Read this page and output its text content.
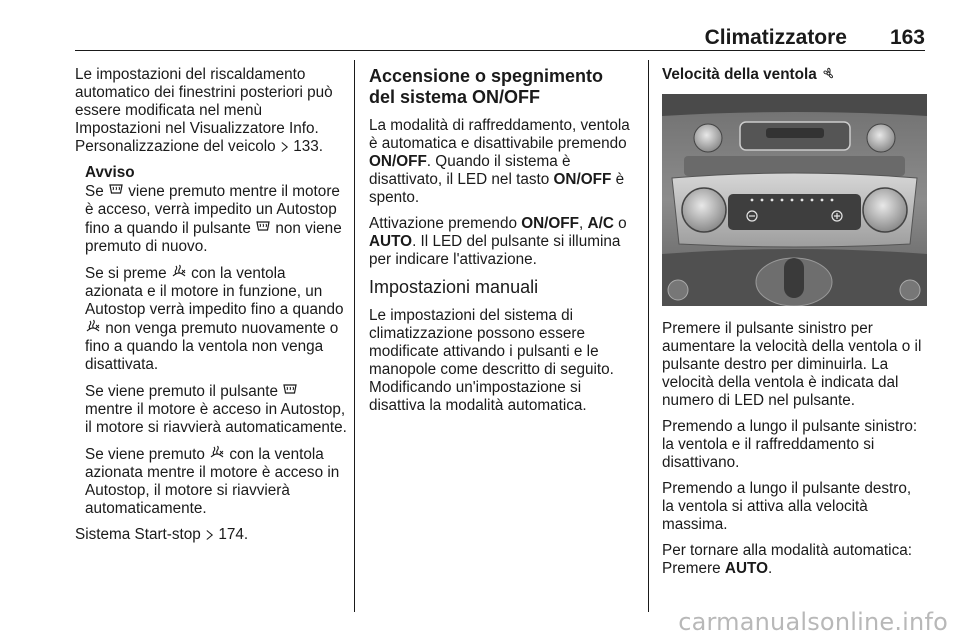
Climatizzatore 163

Le impostazioni del riscaldamento automatico dei finestrini posteriori può essere modificata nel menù Impostazioni nel Visualizzatore Info. Personalizzazione del veicolo 133.

Avviso

Se viene premuto mentre il motore è acceso, verrà impedito un Autostop fino a quando il pulsante non viene premuto di nuovo.

Se si preme con la ventola azionata e il motore in funzione, un Autostop verrà impedito fino a quando  non venga premuto nuovamente o fino a quando la ventola non venga disattivata.

Se viene premuto il pulsante  mentre il motore è acceso in Autostop, il motore si riavvierà automaticamente.

Se viene premuto con la ventola azionata mentre il motore è acceso in Autostop, il motore si riavvierà automaticamente.

Sistema Start-stop 174.

Accensione o spegnimento del sistema ON/OFF

La modalità di raffreddamento, ventola è automatica e disattivabile premendo ON/OFF. Quando il sistema è disattivato, il LED nel tasto ON/OFF è spento.

Attivazione premendo ON/OFF, A/C o AUTO. Il LED del pulsante si illumina per indicare l'attivazione.

Impostazioni manuali

Le impostazioni del sistema di climatizzazione possono essere modificate attivando i pulsanti e le manopole come descritto di seguito. Modificando un'impostazione si disattiva la modalità automatica.

Velocità della ventola

Premere il pulsante sinistro per aumentare la velocità della ventola o il pulsante destro per diminuirla. La velocità della ventola è indicata dal numero di LED nel pulsante.

Premendo a lungo il pulsante sinistro: la ventola e il raffreddamento si disattivano.

Premendo a lungo il pulsante destro, la ventola si attiva alla velocità massima.

Per tornare alla modalità automatica: Premere AUTO.

carmanualsonline.info
